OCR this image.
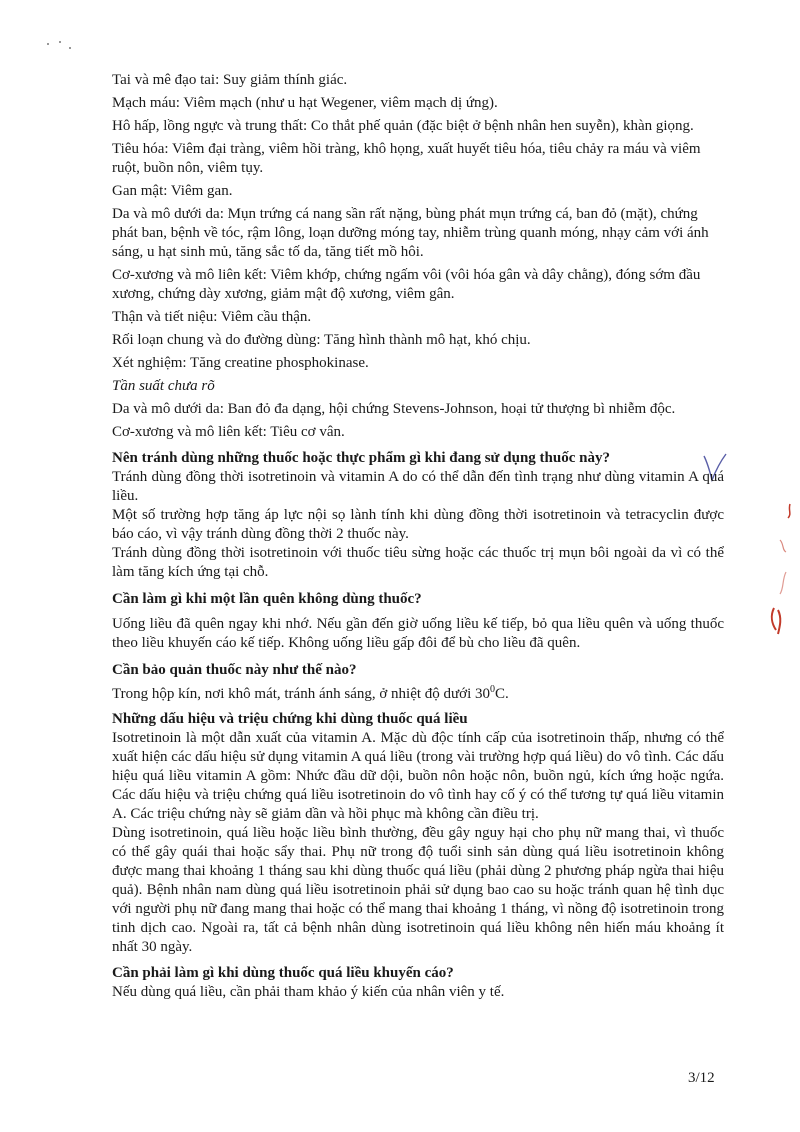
Tai và mê đạo tai: Suy giảm thính giác.

Mạch máu: Viêm mạch (như u hạt Wegener, viêm mạch dị ứng).

Hô hấp, lồng ngực và trung thất: Co thắt phế quản (đặc biệt ở bệnh nhân hen suyễn), khàn giọng.

Tiêu hóa: Viêm đại tràng, viêm hồi tràng, khô họng, xuất huyết tiêu hóa, tiêu chảy ra máu và viêm ruột, buồn nôn, viêm tụy.

Gan mật: Viêm gan.

Da và mô dưới da: Mụn trứng cá nang sần rất nặng, bùng phát mụn trứng cá, ban đỏ (mặt), chứng phát ban, bệnh về tóc, rậm lông, loạn dưỡng móng tay, nhiễm trùng quanh móng, nhạy cảm với ánh sáng, u hạt sinh mủ, tăng sắc tố da, tăng tiết mồ hôi.

Cơ-xương và mô liên kết: Viêm khớp, chứng ngấm vôi (vôi hóa gân và dây chằng), đóng sớm đầu xương, chứng dày xương, giảm mật độ xương, viêm gân.

Thận và tiết niệu: Viêm cầu thận.

Rối loạn chung và do đường dùng: Tăng hình thành mô hạt, khó chịu.

Xét nghiệm: Tăng creatine phosphokinase.

Tần suất chưa rõ

Da và mô dưới da: Ban đỏ đa dạng, hội chứng Stevens-Johnson, hoại tử thượng bì nhiễm độc.

Cơ-xương và mô liên kết: Tiêu cơ vân.

Nên tránh dùng những thuốc hoặc thực phẩm gì khi đang sử dụng thuốc này?

Tránh dùng đồng thời isotretinoin và vitamin A do có thể dẫn đến tình trạng như dùng vitamin A quá liều.

Một số trường hợp tăng áp lực nội sọ lành tính khi dùng đồng thời isotretinoin và tetracyclin được báo cáo, vì vậy tránh dùng đồng thời 2 thuốc này.

Tránh dùng đồng thời isotretinoin với thuốc tiêu sừng hoặc các thuốc trị mụn bôi ngoài da vì có thể làm tăng kích ứng tại chỗ.

Cần làm gì khi một lần quên không dùng thuốc?

Uống liều đã quên ngay khi nhớ. Nếu gần đến giờ uống liều kế tiếp, bỏ qua liều quên và uống thuốc theo liều khuyến cáo kế tiếp. Không uống liều gấp đôi để bù cho liều đã quên.

Cần bảo quản thuốc này như thế nào?

Trong hộp kín, nơi khô mát, tránh ánh sáng, ở nhiệt độ dưới $30^0C$.

Những dấu hiệu và triệu chứng khi dùng thuốc quá liều

Isotretinoin là một dẫn xuất của vitamin A. Mặc dù độc tính cấp của isotretinoin thấp, nhưng có thể xuất hiện các dấu hiệu sử dụng vitamin A quá liều (trong vài trường hợp quá liều) do vô tình. Các dấu hiệu quá liều vitamin A gồm: Nhức đầu dữ dội, buồn nôn hoặc nôn, buồn ngủ, kích ứng hoặc ngứa. Các dấu hiệu và triệu chứng quá liều isotretinoin do vô tình hay cố ý có thể tương tự quá liều vitamin A. Các triệu chứng này sẽ giảm dần và hồi phục mà không cần điều trị.

Dùng isotretinoin, quá liều hoặc liều bình thường, đều gây nguy hại cho phụ nữ mang thai, vì thuốc có thể gây quái thai hoặc sẩy thai. Phụ nữ trong độ tuổi sinh sản dùng quá liều isotretinoin không được mang thai khoảng 1 tháng sau khi dùng thuốc quá liều (phải dùng 2 phương pháp ngừa thai hiệu quả). Bệnh nhân nam dùng quá liều isotretinoin phải sử dụng bao cao su hoặc tránh quan hệ tình dục với người phụ nữ đang mang thai hoặc có thể mang thai khoảng 1 tháng, vì nồng độ isotretinoin trong tinh dịch cao. Ngoài ra, tất cả bệnh nhân dùng isotretinoin quá liều không nên hiến máu khoảng ít nhất 30 ngày.

Cần phải làm gì khi dùng thuốc quá liều khuyến cáo?

Nếu dùng quá liều, cần phải tham khảo ý kiến của nhân viên y tế.

3/12
